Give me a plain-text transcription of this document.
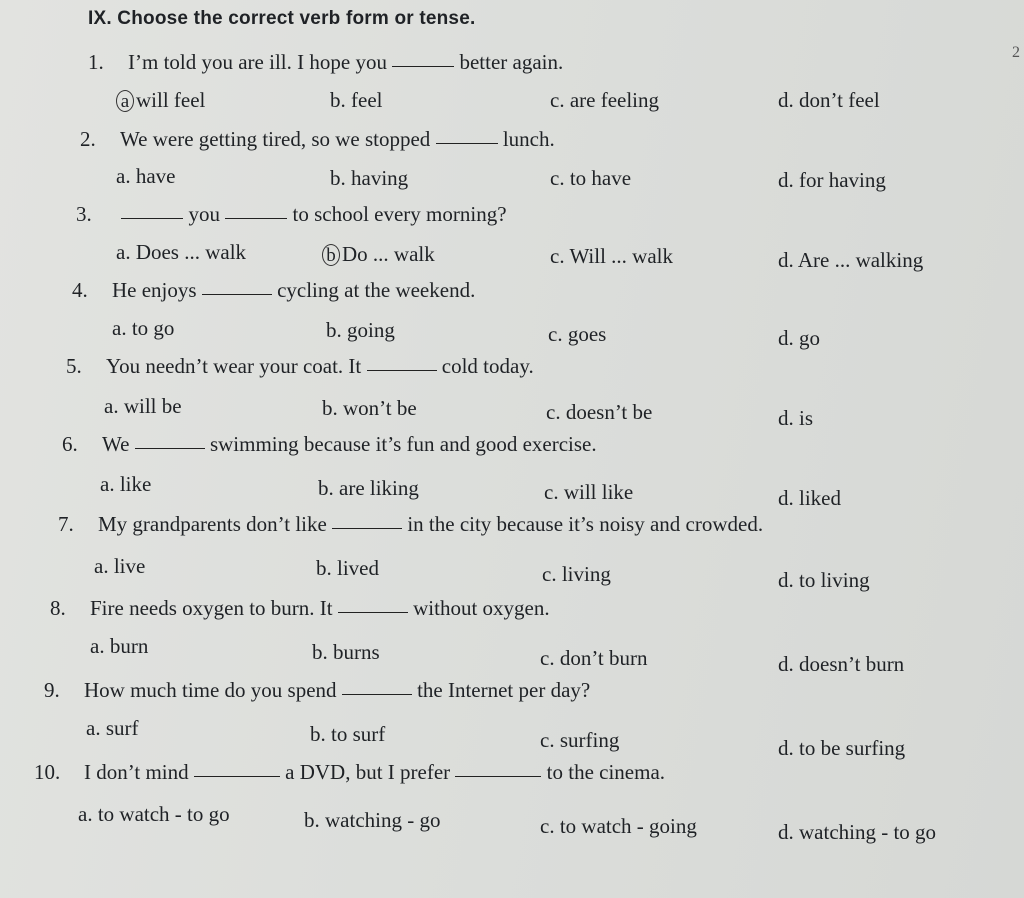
IX. Choose the correct verb form or tense.
2
1. I’m told you are ill. I hope you	better again.
a will feel	b. feel	c. are feeling	d. don’t feel
2. We were getting tired, so we stopped	lunch.
a. have	b. having	c. to have	d. for having
3.	you	to school every morning?
a. Does ... walk	b Do ... walk	c. Will ... walk	d. Are ... walking
4. He enjoys	cycling at the weekend.
a. to go	b. going	c. goes	d. go
5. You needn’t wear your coat. It	cold today.
a. will be	b. won’t be	c. doesn’t be	d. is
6. We	swimming because it’s fun and good exercise.
a. like	b. are liking	c. will like	d. liked
7. My grandparents don’t like	in the city because it’s noisy and crowded.
a. live	b. lived	c. living	d. to living
8. Fire needs oxygen to burn. It	without oxygen.
a. burn	b. burns	c. don’t burn	d. doesn’t burn
9. How much time do you spend	the Internet per day?
a. surf	b. to surf	c. surfing	d. to be surfing
10. I don’t mind	a DVD, but I prefer	to the cinema.
a. to watch - to go	b. watching - go	c. to watch - going	d. watching - to go
